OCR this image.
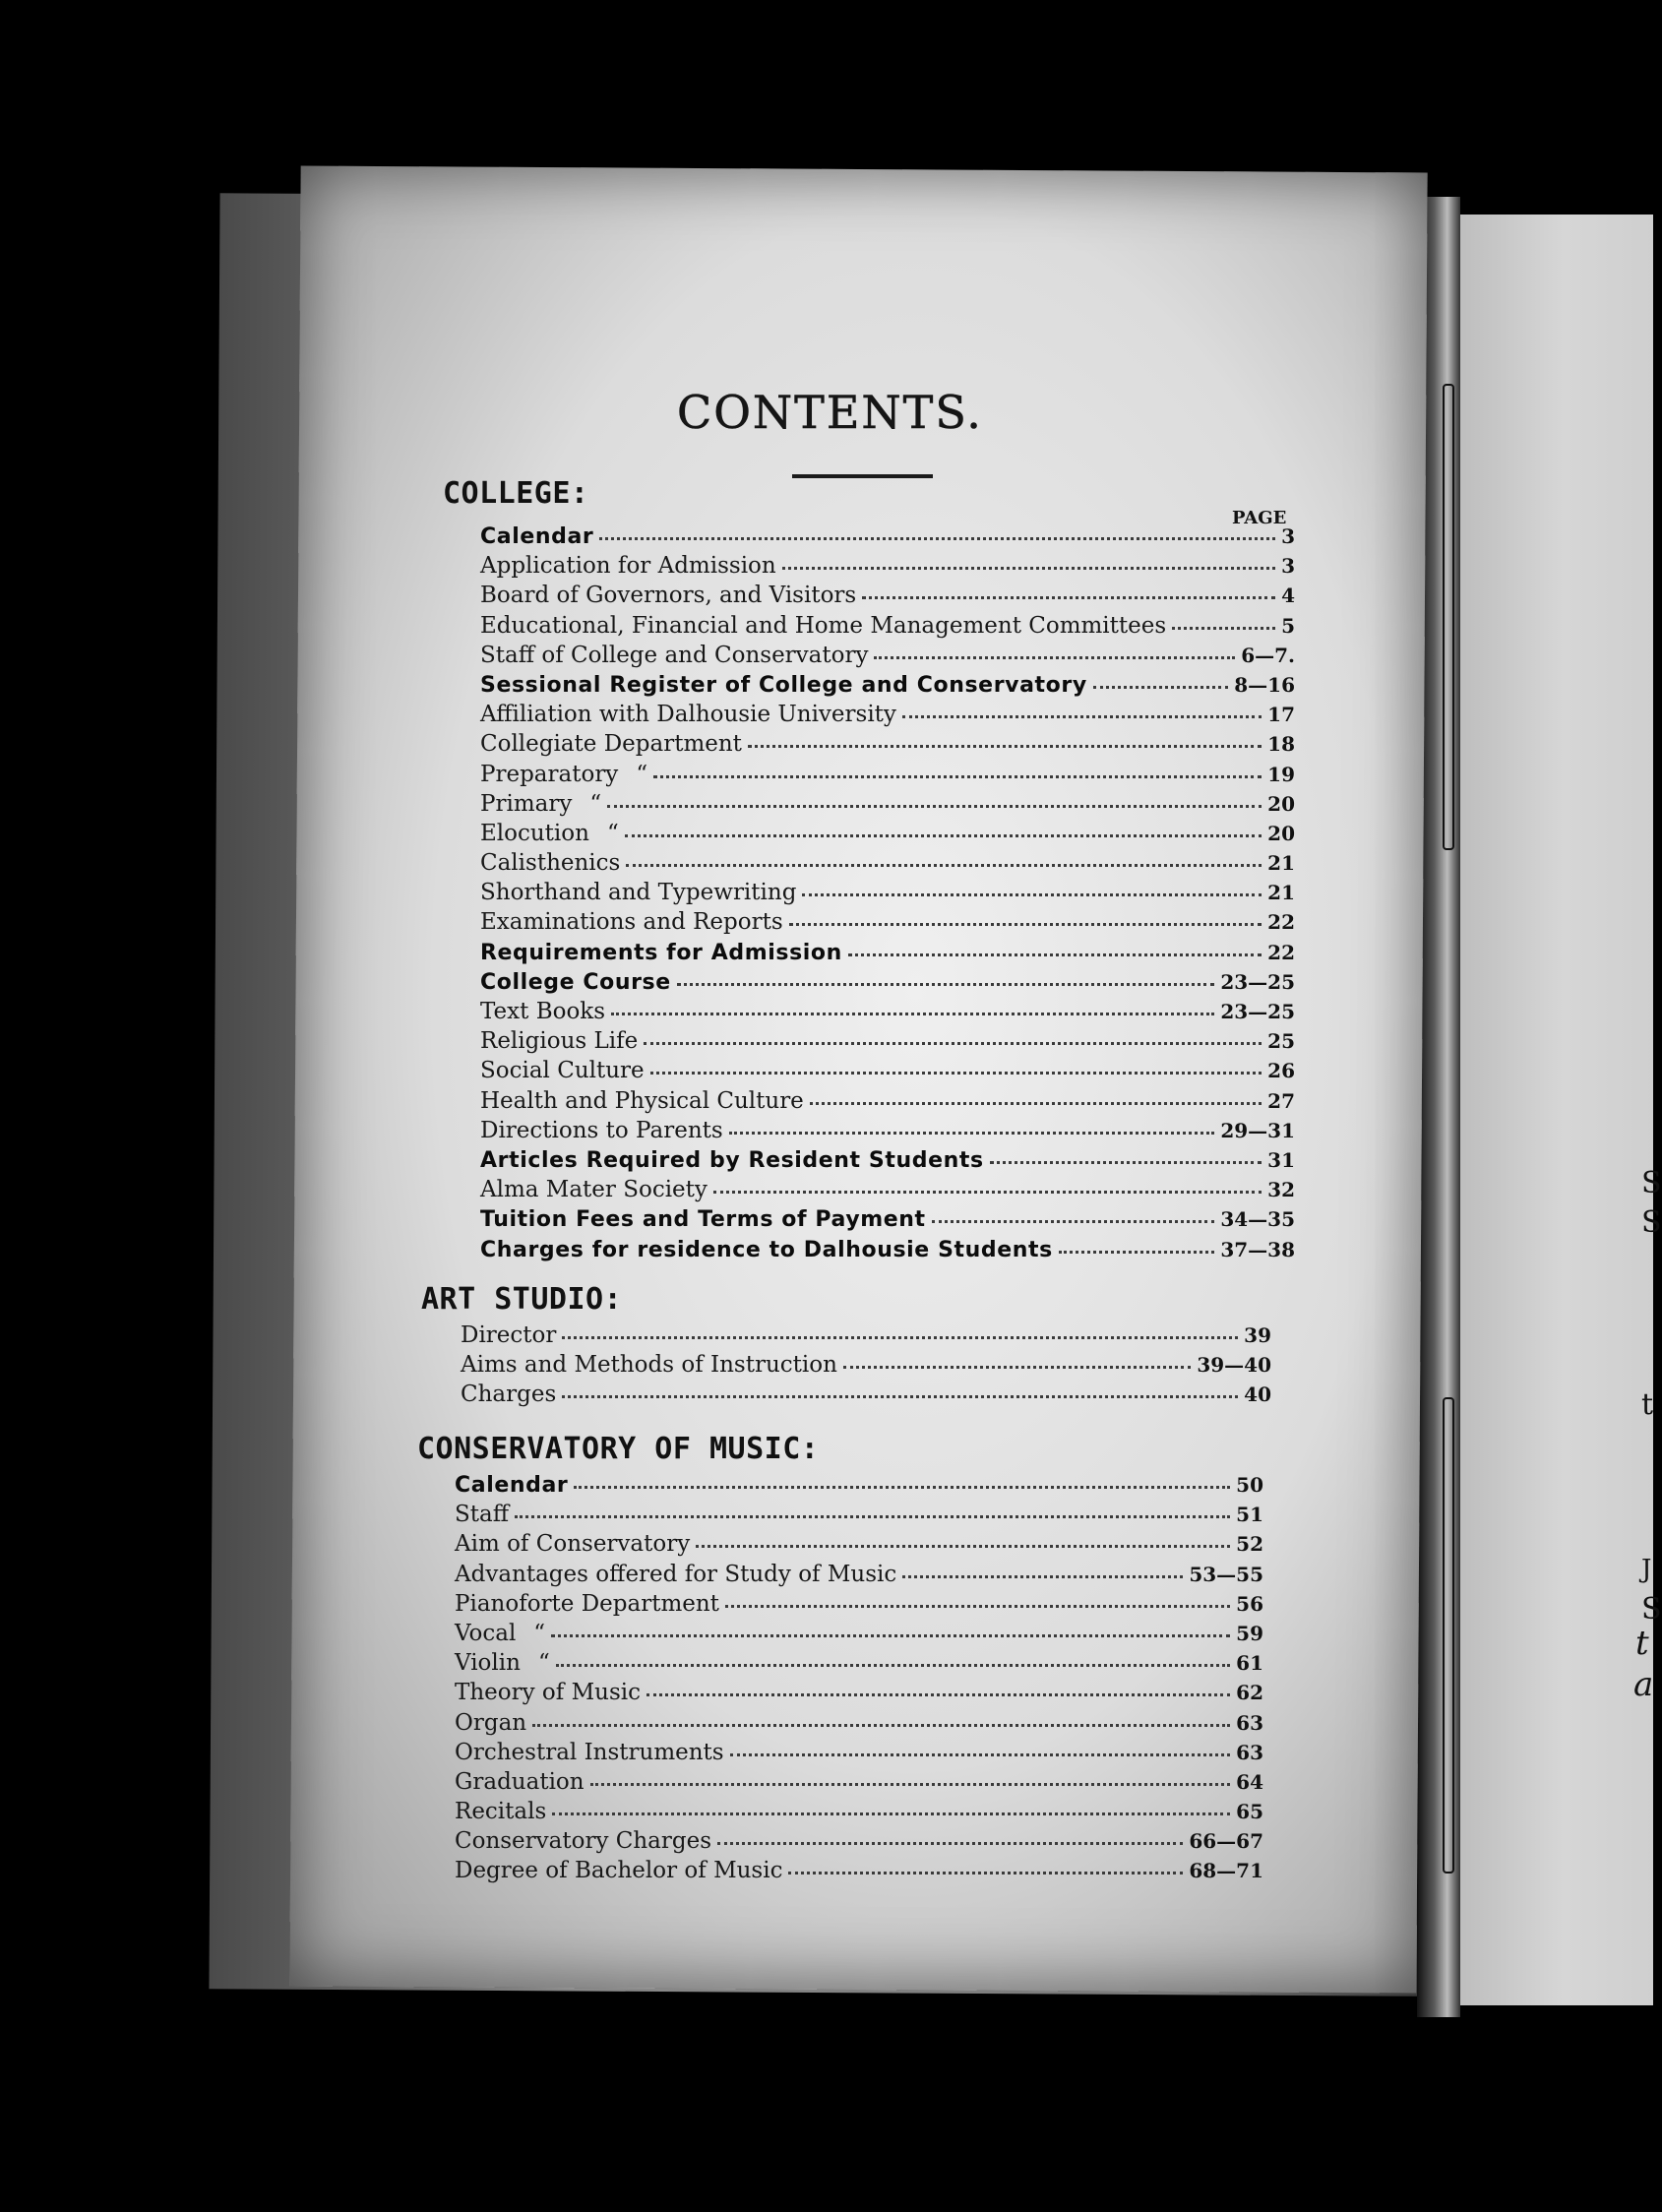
S
S
t
J
S
t
a
CONTENTS.
PAGE
COLLEGE:
Calendar	3
Application for Admission	3
Board of Governors, and Visitors	4
Educational, Financial and Home Management Committees	5
Staff of College and Conservatory	6—7.
Sessional Register of College and Conservatory	8—16
Affiliation with Dalhousie University	17
Collegiate Department	18
Preparatory “	19
Primary “	20
Elocution “	20
Calisthenics	21
Shorthand and Typewriting	21
Examinations and Reports	22
Requirements for Admission	22
College Course	23—25
Text Books	23—25
Religious Life	25
Social Culture	26
Health and Physical Culture	27
Directions to Parents	29—31
Articles Required by Resident Students	31
Alma Mater Society	32
Tuition Fees and Terms of Payment	34—35
Charges for residence to Dalhousie Students	37—38
ART STUDIO:
Director	39
Aims and Methods of Instruction	39—40
Charges	40
CONSERVATORY OF MUSIC:
Calendar	50
Staff	51
Aim of Conservatory	52
Advantages offered for Study of Music	53—55
Pianoforte Department	56
Vocal “	59
Violin “	61
Theory of Music	62
Organ	63
Orchestral Instruments	63
Graduation	64
Recitals	65
Conservatory Charges	66—67
Degree of Bachelor of Music	68—71
